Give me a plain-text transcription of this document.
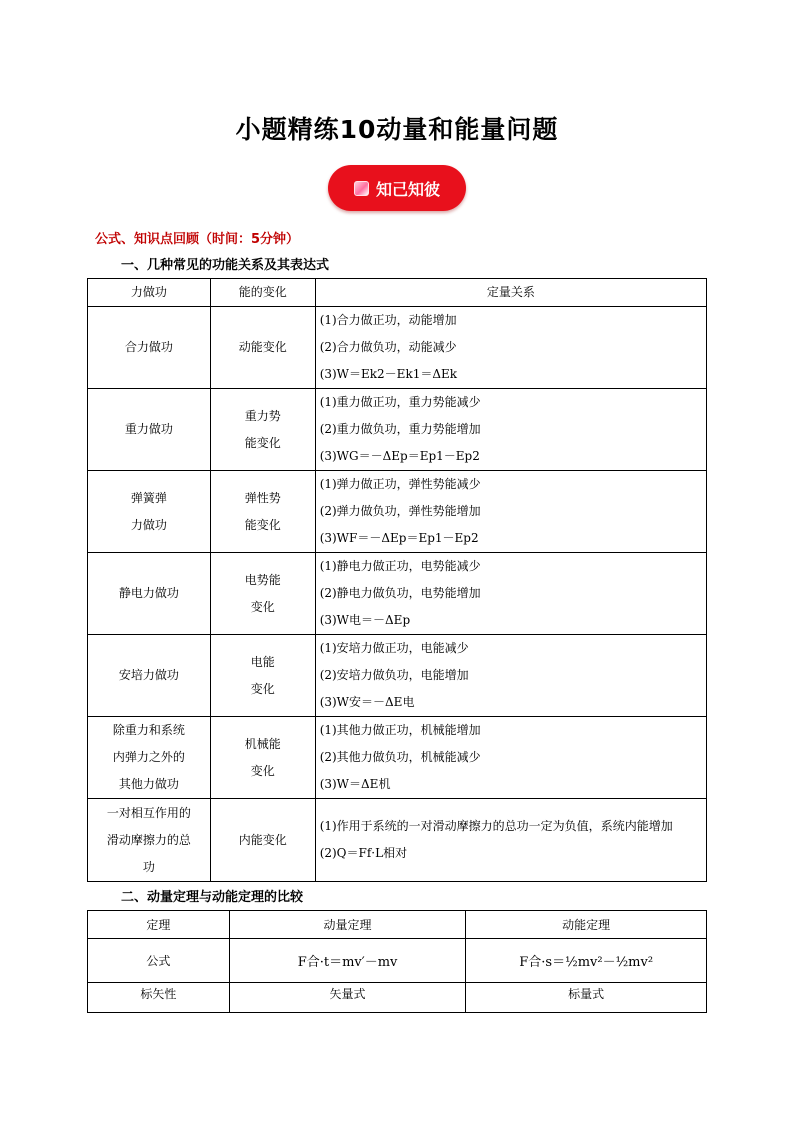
小题精练10动量和能量问题
知己知彼
公式、知识点回顾（时间：5分钟）
一、几种常见的功能关系及其表达式
力做功	能的变化	定量关系

合力做功	动能变化	(1)合力做正功，动能增加
(2)合力做负功，动能减少
(3)W＝Ek2－Ek1＝ΔEk

重力做功	重力势
能变化	(1)重力做正功，重力势能减少
(2)重力做负功，重力势能增加
(3)WG＝－ΔEp＝Ep1－Ep2

弹簧弹
力做功	弹性势
能变化	(1)弹力做正功，弹性势能减少
(2)弹力做负功，弹性势能增加
(3)WF＝－ΔEp＝Ep1－Ep2

静电力做功	电势能
变化	(1)静电力做正功，电势能减少
(2)静电力做负功，电势能增加
(3)W电＝－ΔEp

安培力做功	电能
变化	(1)安培力做正功，电能减少
(2)安培力做负功，电能增加
(3)W安＝－ΔE电

除重力和系统
内弹力之外的
其他力做功	机械能
变化	(1)其他力做正功，机械能增加
(2)其他力做负功，机械能减少
(3)W＝ΔE机

一对相互作用的
滑动摩擦力的总
功	内能变化	(1)作用于系统的一对滑动摩擦力的总功一定为负值，系统内能增加
(2)Q＝Ff·L相对
二、动量定理与动能定理的比较
定理	动量定理	动能定理
公式	F合·t＝mv′－mv	F合·s＝½mv²－½mv²
标矢性	矢量式	标量式
